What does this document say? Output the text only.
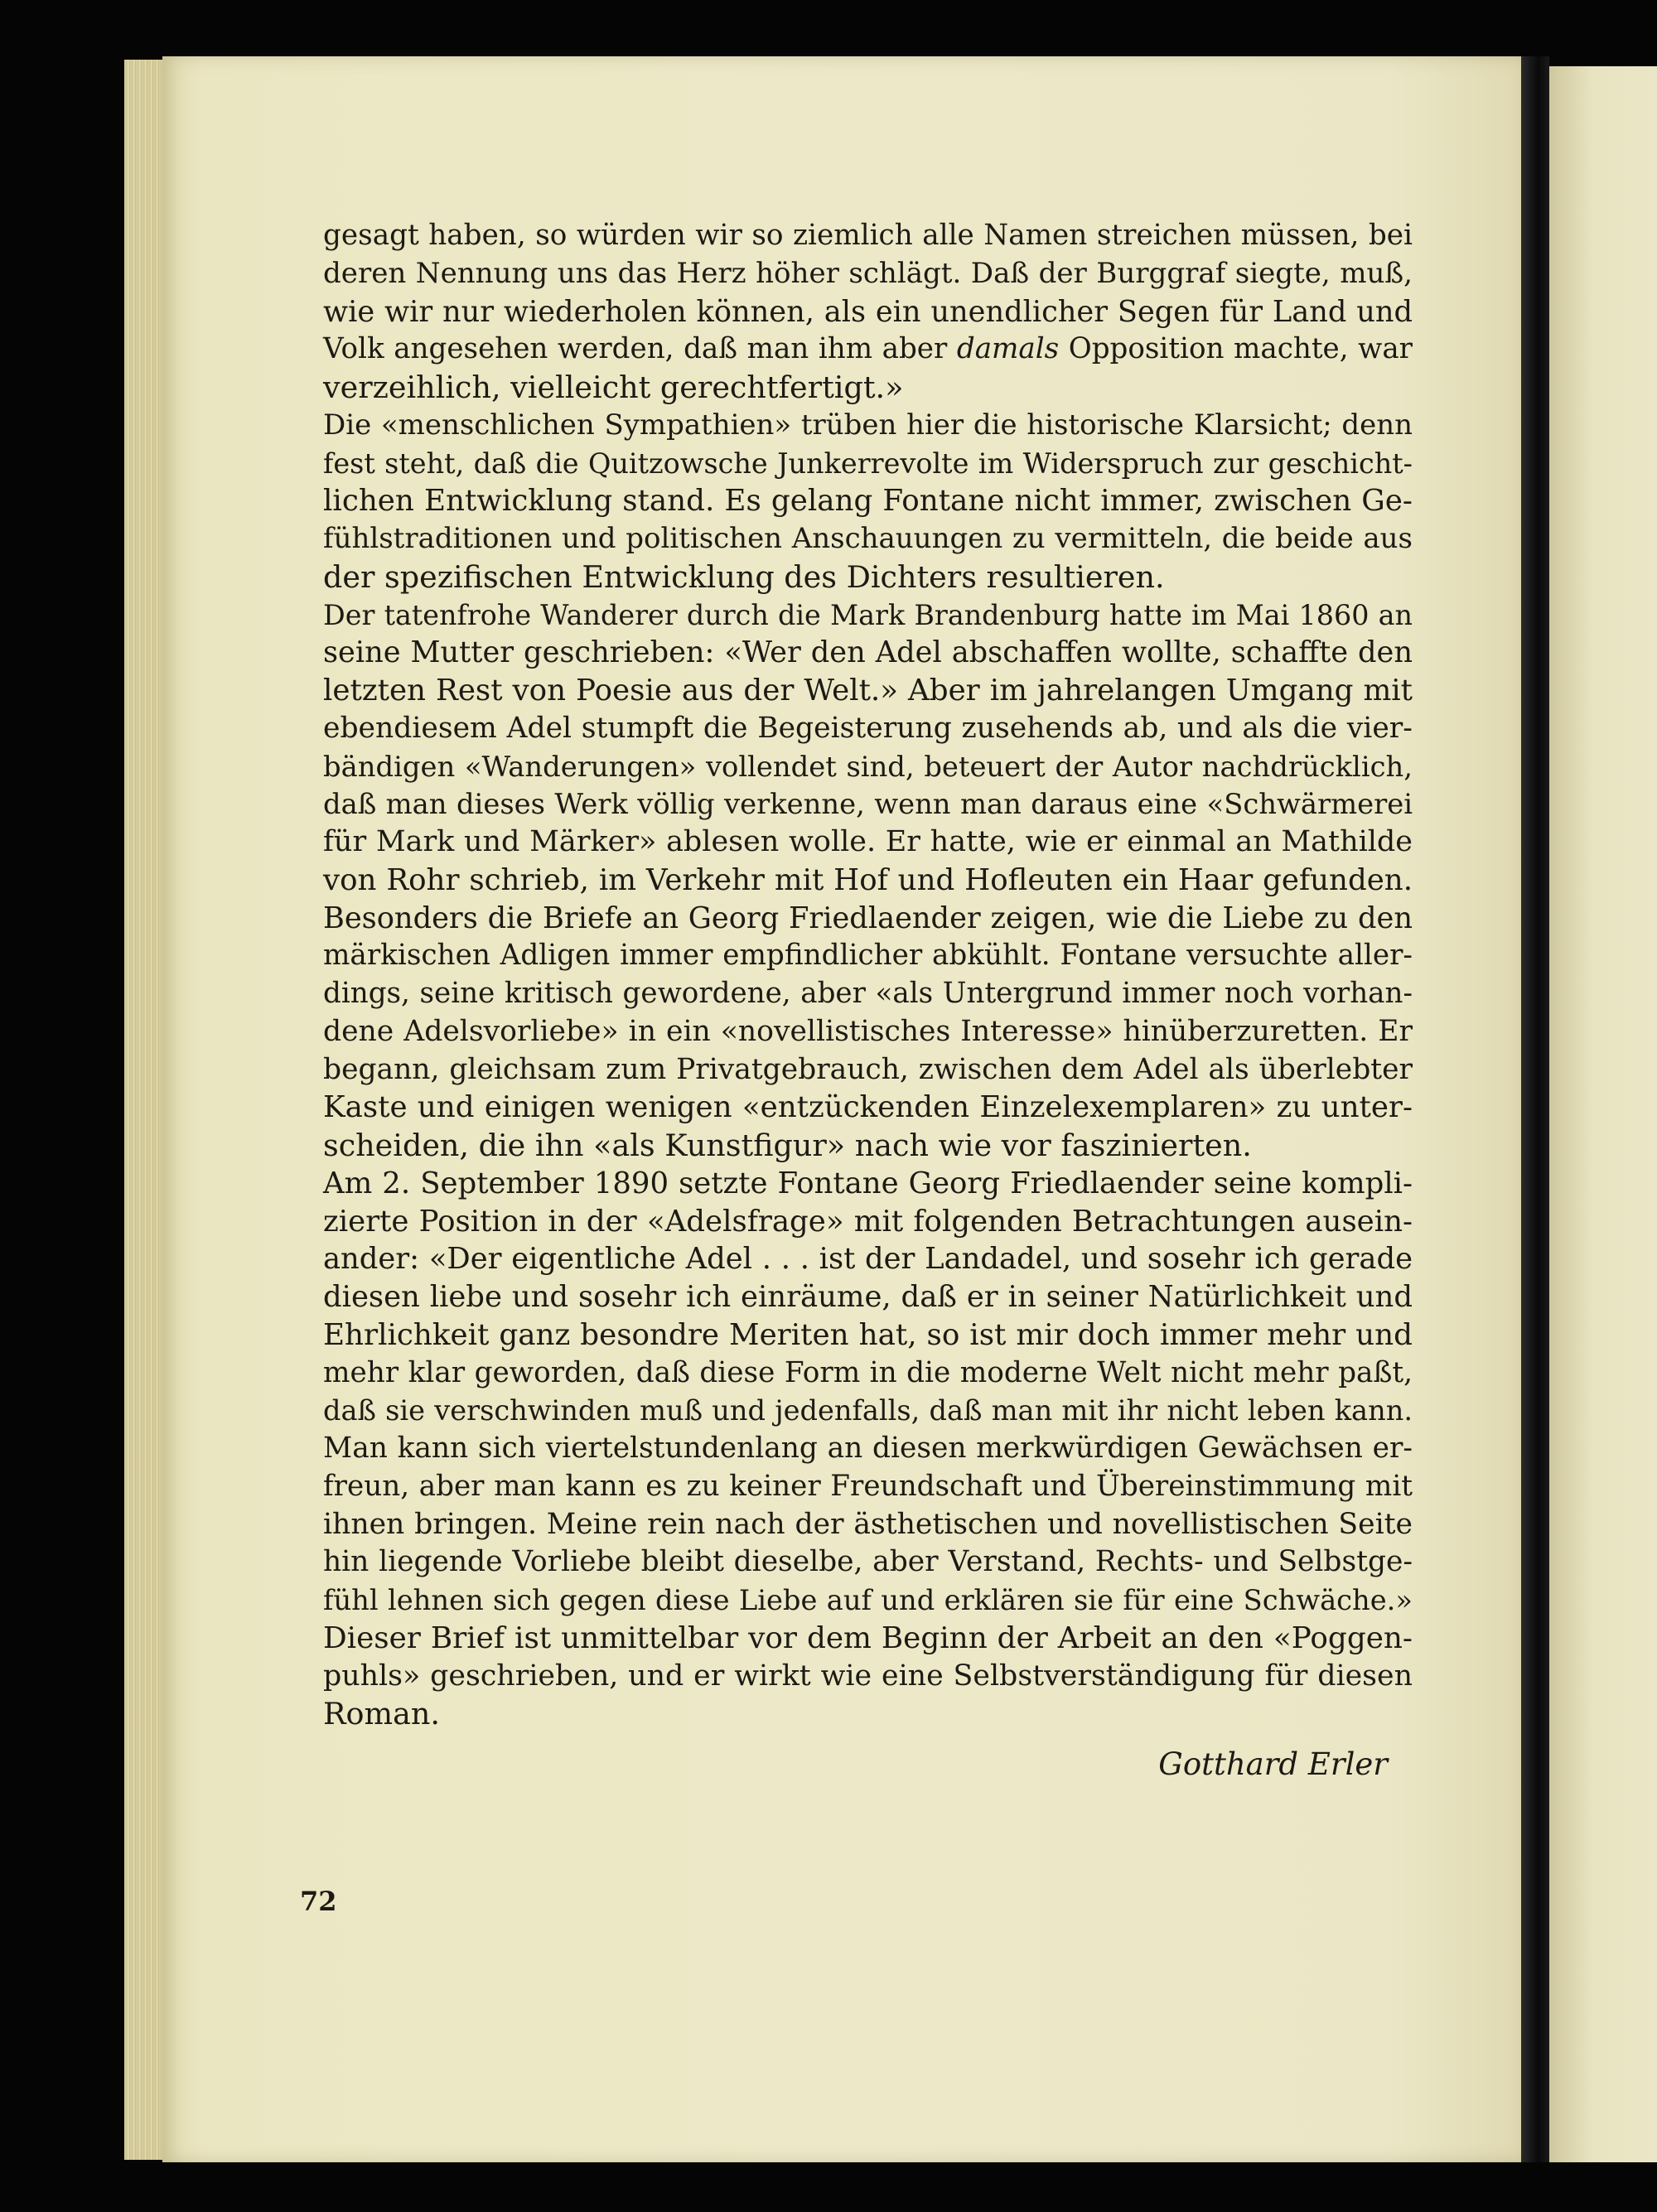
gesagt haben, so würden wir so ziemlich alle Namen streichen müssen, bei
deren Nennung uns das Herz höher schlägt. Daß der Burggraf siegte, muß,
wie wir nur wiederholen können, als ein unendlicher Segen für Land und
Volk angesehen werden, daß man ihm aber damals Opposition machte, war
verzeihlich, vielleicht gerechtfertigt.»
Die «menschlichen Sympathien» trüben hier die historische Klarsicht; denn
fest steht, daß die Quitzowsche Junkerrevolte im Widerspruch zur geschicht-
lichen Entwicklung stand. Es gelang Fontane nicht immer, zwischen Ge-
fühlstraditionen und politischen Anschauungen zu vermitteln, die beide aus
der spezifischen Entwicklung des Dichters resultieren.
Der tatenfrohe Wanderer durch die Mark Brandenburg hatte im Mai 1860 an
seine Mutter geschrieben: «Wer den Adel abschaffen wollte, schaffte den
letzten Rest von Poesie aus der Welt.» Aber im jahrelangen Umgang mit
ebendiesem Adel stumpft die Begeisterung zusehends ab, und als die vier-
bändigen «Wanderungen» vollendet sind, beteuert der Autor nachdrücklich,
daß man dieses Werk völlig verkenne, wenn man daraus eine «Schwärmerei
für Mark und Märker» ablesen wolle. Er hatte, wie er einmal an Mathilde
von Rohr schrieb, im Verkehr mit Hof und Hofleuten ein Haar gefunden.
Besonders die Briefe an Georg Friedlaender zeigen, wie die Liebe zu den
märkischen Adligen immer empfindlicher abkühlt. Fontane versuchte aller-
dings, seine kritisch gewordene, aber «als Untergrund immer noch vorhan-
dene Adelsvorliebe» in ein «novellistisches Interesse» hinüberzuretten. Er
begann, gleichsam zum Privatgebrauch, zwischen dem Adel als überlebter
Kaste und einigen wenigen «entzückenden Einzelexemplaren» zu unter-
scheiden, die ihn «als Kunstfigur» nach wie vor faszinierten.
Am 2. September 1890 setzte Fontane Georg Friedlaender seine kompli-
zierte Position in der «Adelsfrage» mit folgenden Betrachtungen ausein-
ander: «Der eigentliche Adel . . . ist der Landadel, und sosehr ich gerade
diesen liebe und sosehr ich einräume, daß er in seiner Natürlichkeit und
Ehrlichkeit ganz besondre Meriten hat, so ist mir doch immer mehr und
mehr klar geworden, daß diese Form in die moderne Welt nicht mehr paßt,
daß sie verschwinden muß und jedenfalls, daß man mit ihr nicht leben kann.
Man kann sich viertelstundenlang an diesen merkwürdigen Gewächsen er-
freun, aber man kann es zu keiner Freundschaft und Übereinstimmung mit
ihnen bringen. Meine rein nach der ästhetischen und novellistischen Seite
hin liegende Vorliebe bleibt dieselbe, aber Verstand, Rechts- und Selbstge-
fühl lehnen sich gegen diese Liebe auf und erklären sie für eine Schwäche.»
Dieser Brief ist unmittelbar vor dem Beginn der Arbeit an den «Poggen-
puhls» geschrieben, und er wirkt wie eine Selbstverständigung für diesen
Roman.
Gotthard Erler
72
